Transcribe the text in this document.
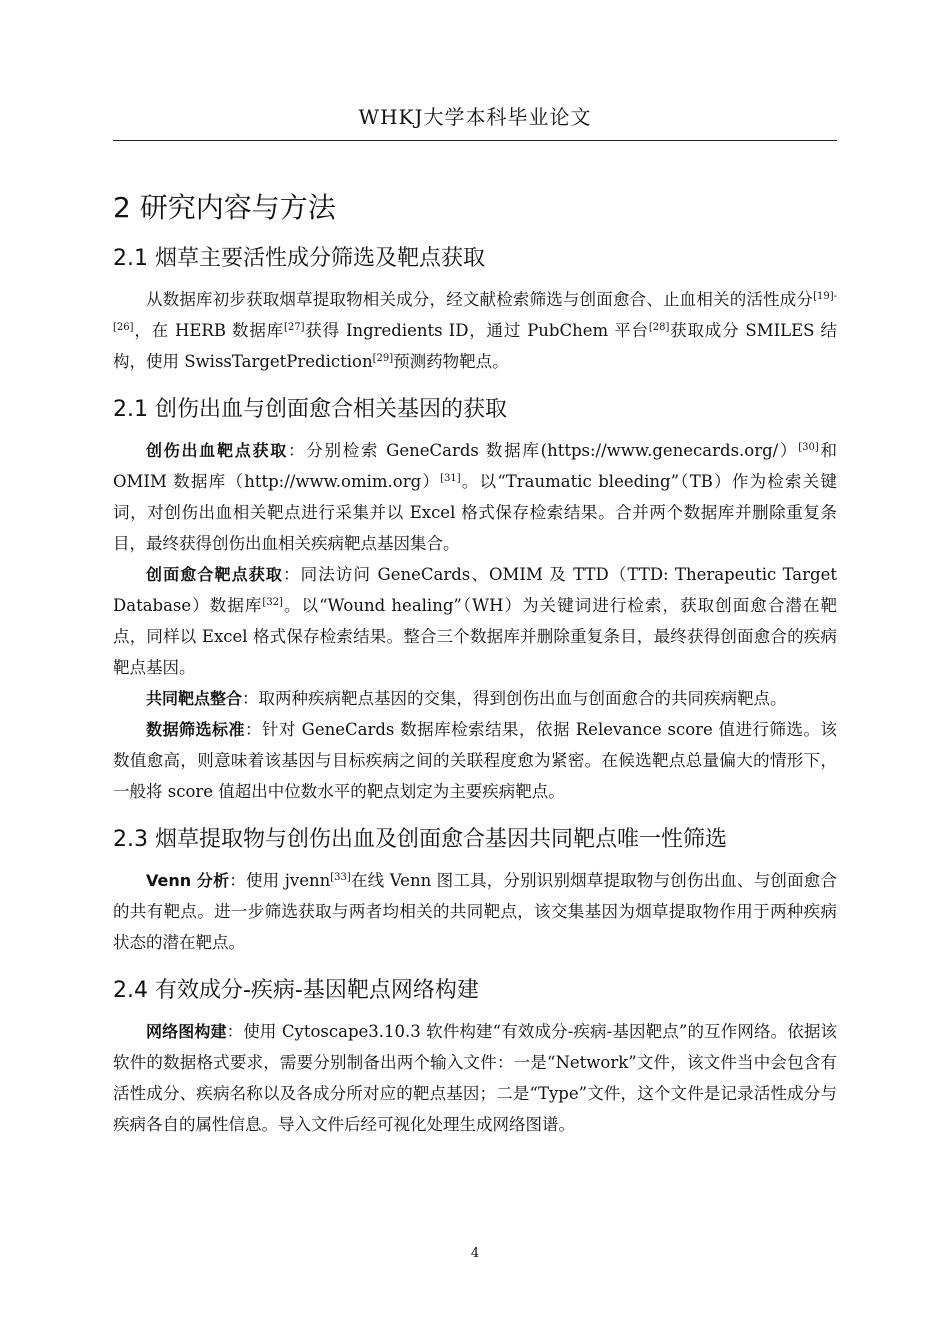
WHKJ大学本科毕业论文
2 研究内容与方法
2.1 烟草主要活性成分筛选及靶点获取

从数据库初步获取烟草提取物相关成分，经文献检索筛选与创面愈合、止血相关的活性成分[19]-[26]，在 HERB 数据库[27]获得 Ingredients ID，通过 PubChem 平台[28]获取成分 SMILES 结构，使用 SwissTargetPrediction[29]预测药物靶点。

2.1 创伤出血与创面愈合相关基因的获取

创伤出血靶点获取：分别检索 GeneCards 数据库(https://www.genecards.org/）[30]和 OMIM 数据库（http://www.omim.org）[31]。以“Traumatic bleeding”（TB）作为检索关键词，对创伤出血相关靶点进行采集并以 Excel 格式保存检索结果。合并两个数据库并删除重复条目，最终获得创伤出血相关疾病靶点基因集合。

创面愈合靶点获取：同法访问 GeneCards、OMIM 及 TTD（TTD: Therapeutic Target Database）数据库[32]。以“Wound healing”（WH）为关键词进行检索，获取创面愈合潜在靶点，同样以 Excel 格式保存检索结果。整合三个数据库并删除重复条目，最终获得创面愈合的疾病靶点基因。

共同靶点整合：取两种疾病靶点基因的交集，得到创伤出血与创面愈合的共同疾病靶点。

数据筛选标准：针对 GeneCards 数据库检索结果，依据 Relevance score 值进行筛选。该数值愈高，则意味着该基因与目标疾病之间的关联程度愈为紧密。在候选靶点总量偏大的情形下，一般将 score 值超出中位数水平的靶点划定为主要疾病靶点。

2.3 烟草提取物与创伤出血及创面愈合基因共同靶点唯一性筛选

Venn 分析：使用 jvenn[33]在线 Venn 图工具，分别识别烟草提取物与创伤出血、与创面愈合的共有靶点。进一步筛选获取与两者均相关的共同靶点，该交集基因为烟草提取物作用于两种疾病状态的潜在靶点。

2.4 有效成分-疾病-基因靶点网络构建

网络图构建：使用 Cytoscape3.10.3 软件构建“有效成分-疾病-基因靶点”的互作网络。依据该软件的数据格式要求，需要分别制备出两个输入文件：一是“Network”文件，该文件当中会包含有活性成分、疾病名称以及各成分所对应的靶点基因；二是“Type”文件，这个文件是记录活性成分与疾病各自的属性信息。导入文件后经可视化处理生成网络图谱。

4
